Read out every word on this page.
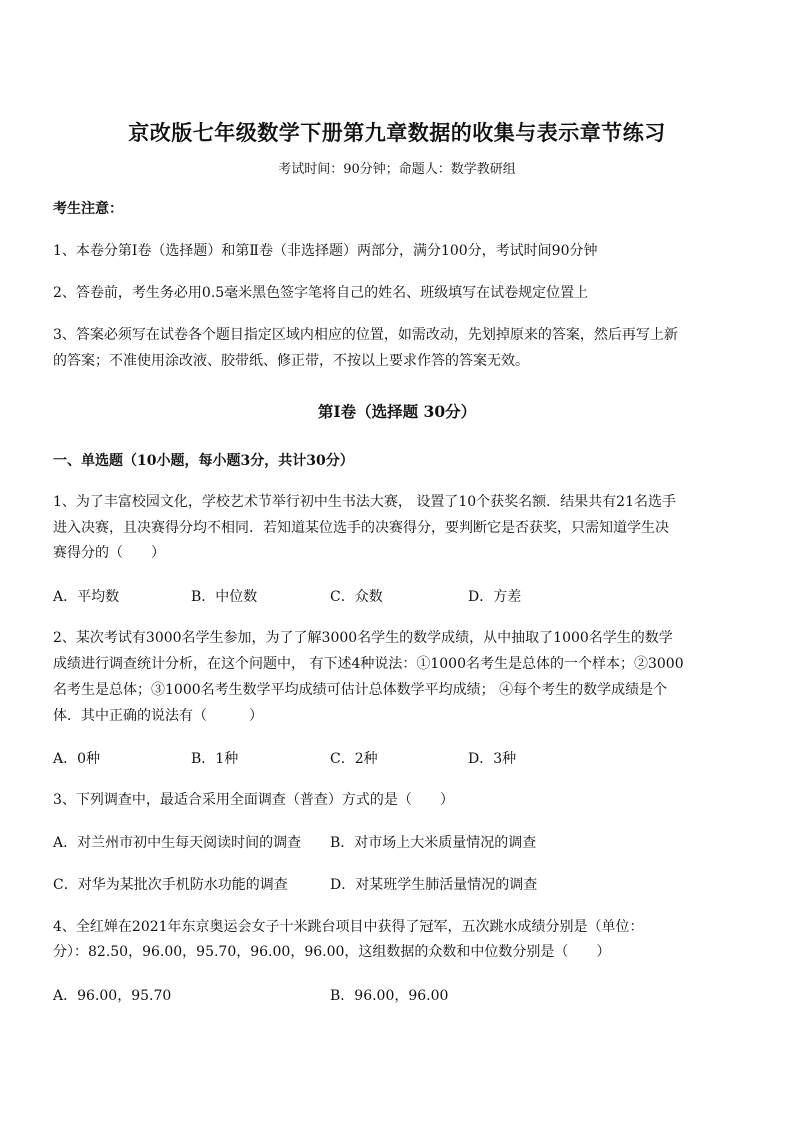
京改版七年级数学下册第九章数据的收集与表示章节练习
考试时间：90分钟；命题人：数学教研组
考生注意：
1、本卷分第Ⅰ卷（选择题）和第Ⅱ卷（非选择题）两部分，满分100分，考试时间90分钟
2、答卷前，考生务必用0.5毫米黑色签字笔将自己的姓名、班级填写在试卷规定位置上
3、答案必须写在试卷各个题目指定区域内相应的位置，如需改动，先划掉原来的答案，然后再写上新
的答案；不准使用涂改液、胶带纸、修正带，不按以上要求作答的答案无效。
第Ⅰ卷（选择题 30分）
一、单选题（10小题，每小题3分，共计30分）
1、为了丰富校园文化，学校艺术节举行初中生书法大赛， 设置了10个获奖名额．结果共有21名选手
进入决赛，且决赛得分均不相同．若知道某位选手的决赛得分，要判断它是否获奖，只需知道学生决
赛得分的（　　）
A．平均数	B．中位数	C．众数	D．方差
2、某次考试有3000名学生参加，为了了解3000名学生的数学成绩，从中抽取了1000名学生的数学
成绩进行调查统计分析，在这个问题中， 有下述4种说法：①1000名考生是总体的一个样本；②3000
名考生是总体；③1000名考生数学平均成绩可估计总体数学平均成绩； ④每个考生的数学成绩是个
体．其中正确的说法有（　　　）
A．0种	B．1种	C．2种	D．3种
3、下列调查中，最适合采用全面调查（普查）方式的是（　　）
A．对兰州市初中生每天阅读时间的调查 B．对市场上大米质量情况的调查
C．对华为某批次手机防水功能的调查	D．对某班学生肺活量情况的调查
4、全红婵在2021年东京奥运会女子十米跳台项目中获得了冠军，五次跳水成绩分别是（单位：
分）：82.50，96.00，95.70，96.00，96.00，这组数据的众数和中位数分别是（　　）
A．96.00，95.70	B．96.00，96.00
